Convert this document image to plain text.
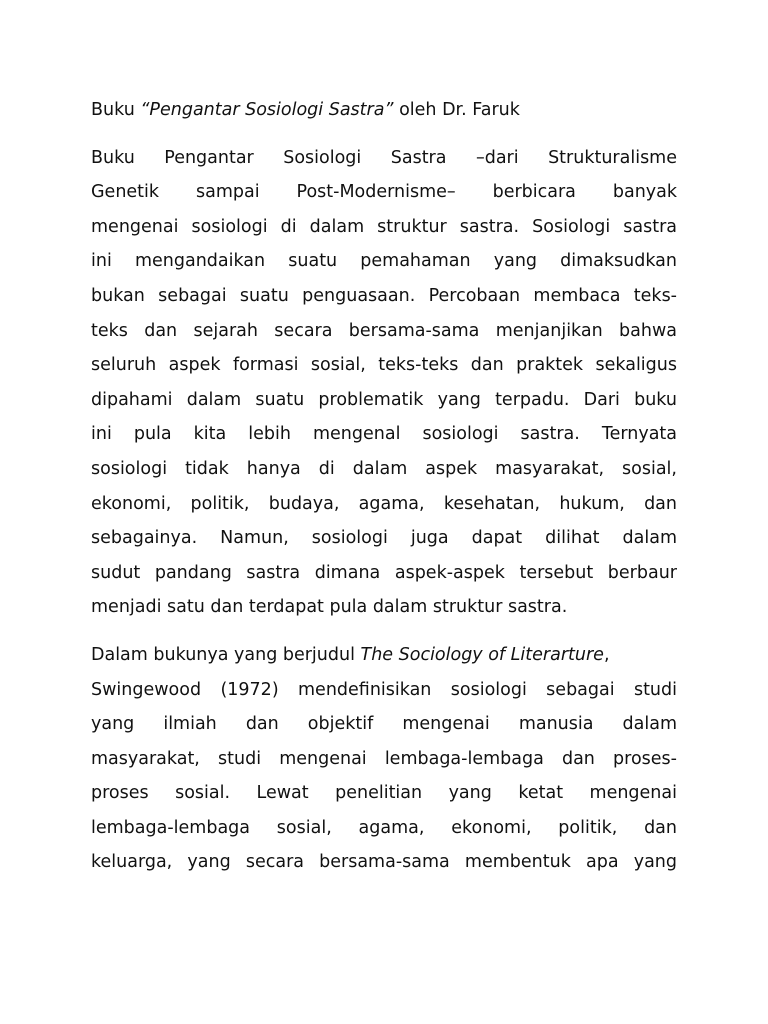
Buku “Pengantar Sosiologi Sastra” oleh Dr. Faruk
Buku Pengantar Sosiologi Sastra –dari Strukturalisme
Genetik sampai Post-Modernisme– berbicara banyak
mengenai sosiologi di dalam struktur sastra. Sosiologi sastra
ini mengandaikan suatu pemahaman yang dimaksudkan
bukan sebagai suatu penguasaan. Percobaan membaca teks-
teks dan sejarah secara bersama-sama menjanjikan bahwa
seluruh aspek formasi sosial, teks-teks dan praktek sekaligus
dipahami dalam suatu problematik yang terpadu. Dari buku
ini pula kita lebih mengenal sosiologi sastra. Ternyata
sosiologi tidak hanya di dalam aspek masyarakat, sosial,
ekonomi, politik, budaya, agama, kesehatan, hukum, dan
sebagainya. Namun, sosiologi juga dapat dilihat dalam
sudut pandang sastra dimana aspek-aspek tersebut berbaur
menjadi satu dan terdapat pula dalam struktur sastra.
Dalam bukunya yang berjudul The Sociology of Literarture,
Swingewood (1972) mendefinisikan sosiologi sebagai studi
yang ilmiah dan objektif mengenai manusia dalam
masyarakat, studi mengenai lembaga-lembaga dan proses-
proses sosial. Lewat penelitian yang ketat mengenai
lembaga-lembaga sosial, agama, ekonomi, politik, dan
keluarga, yang secara bersama-sama membentuk apa yang
